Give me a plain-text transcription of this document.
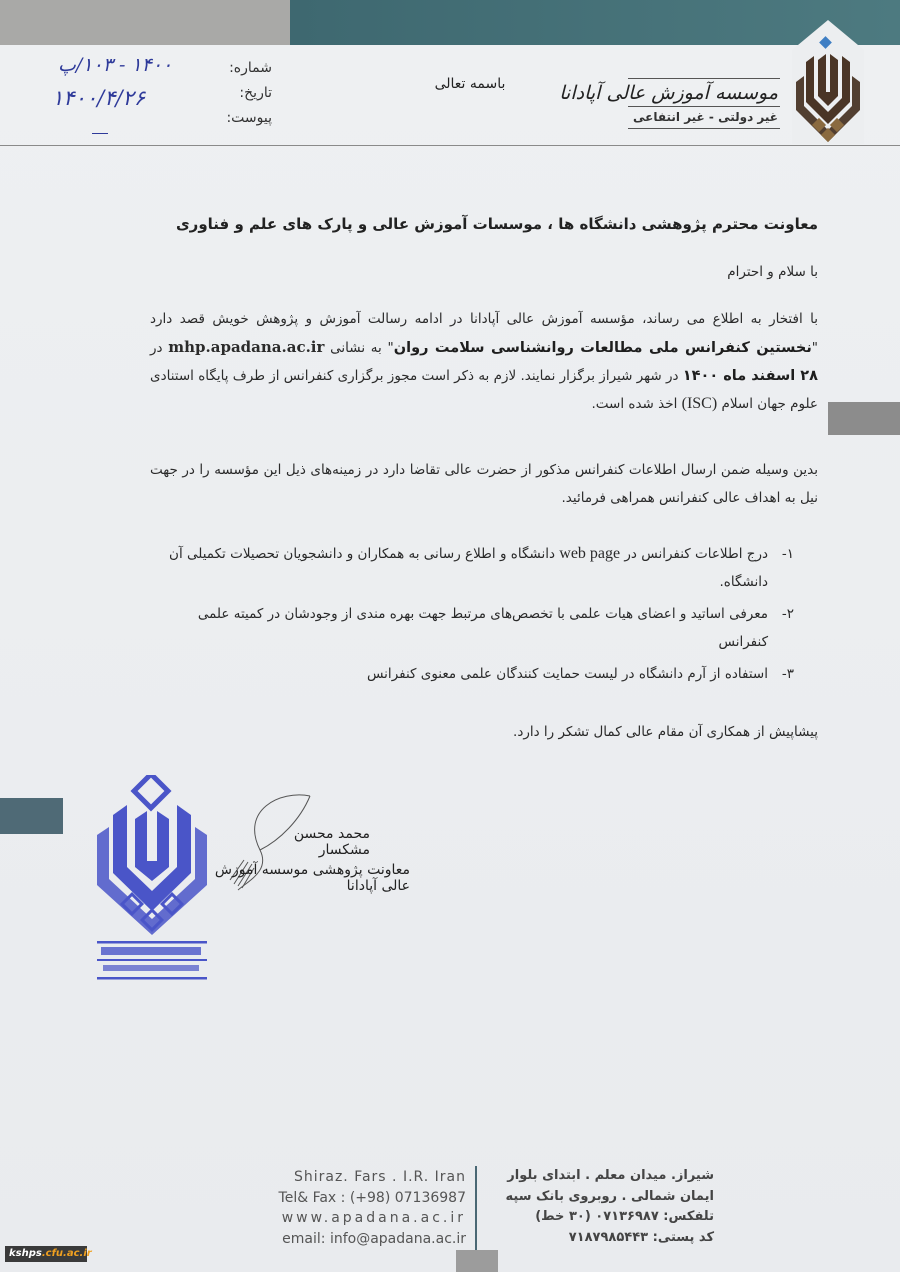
موسسه آموزش عالی آپادانا
غیر دولتی - غیر انتفاعی
باسمه تعالی
شماره:
تاریخ:
پیوست:
۱۴۰۰ - ۱۰۳/پ
۱۴۰۰/۴/۲۶
معاونت محترم پژوهشی دانشگاه ها ، موسسات آموزش عالی و پارک های علم و فناوری
با سلام و احترام
با افتخار به اطلاع می رساند، مؤسسه آموزش عالی آپادانا در ادامه رسالت آموزش و پژوهش خویش قصد دارد "نخستین کنفرانس ملی مطالعات روانشناسی سلامت روان" به نشانی mhp.apadana.ac.ir در ۲۸ اسفند ماه ۱۴۰۰ در شهر شیراز برگزار نمایند. لازم به ذکر است مجوز برگزاری کنفرانس از طرف پایگاه استنادی علوم جهان اسلام (ISC) اخذ شده است.
بدین وسیله ضمن ارسال اطلاعات کنفرانس مذکور از حضرت عالی تقاضا دارد در زمینه‌های ذیل این مؤسسه را در جهت نیل به اهداف عالی کنفرانس همراهی فرمائید.
۱-
درج اطلاعات کنفرانس در web page دانشگاه و اطلاع رسانی به همکاران و دانشجویان تحصیلات تکمیلی آن دانشگاه.
۲-
معرفی اساتید و اعضای هیات علمی با تخصص‌های مرتبط جهت بهره مندی از وجودشان در کمیته علمی کنفرانس
۳-
استفاده از آرم دانشگاه در لیست حمایت کنندگان علمی معنوی کنفرانس
پیشاپیش از همکاری آن مقام عالی کمال تشکر را دارد.
محمد محسن مشکسار
معاونت پژوهشی موسسه آموزش عالی آپادانا
Shiraz. Fars . I.R. Iran
Tel& Fax : (+98) 07136987
www.apadana.ac.ir
email: info@apadana.ac.ir
شیراز. میدان معلم . ابتدای بلوار
ایمان شمالی . روبروی بانک سپه
تلفکس: ۰۷۱۳۶۹۸۷ (۳۰ خط)
کد پستی: ۷۱۸۷۹۸۵۴۴۳
kshps.cfu.ac.ir
